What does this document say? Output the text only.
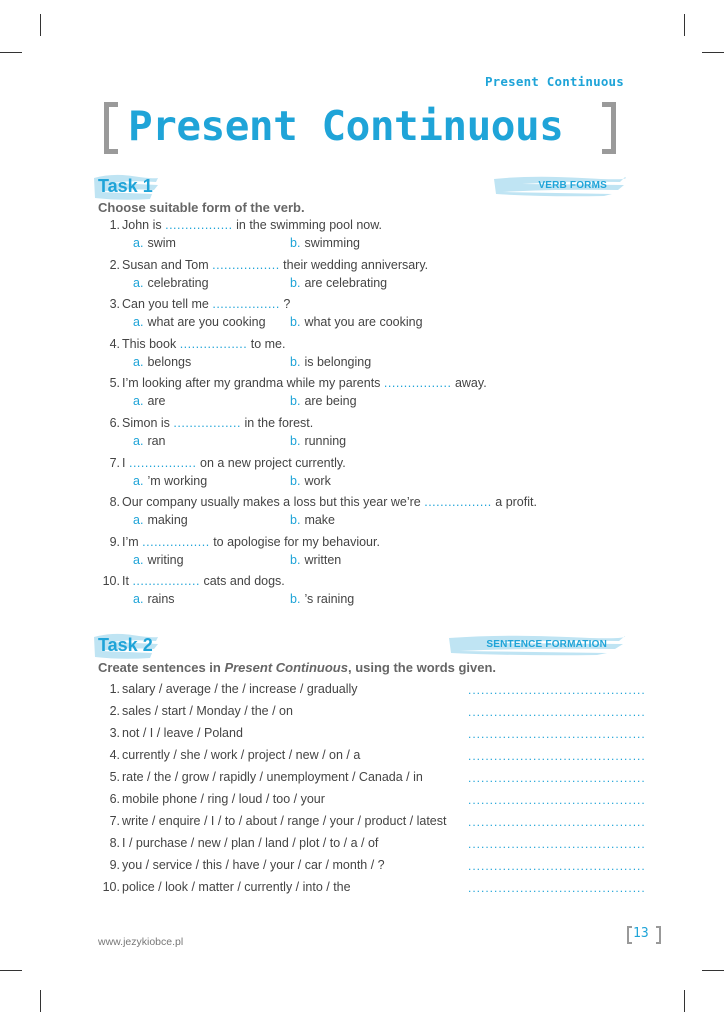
Present Continuous
Present Continuous
Task 1	VERB FORMS
Choose suitable form of the verb.
1. John is ................. in the swimming pool now.
a. swim	b. swimming
2. Susan and Tom ................. their wedding anniversary.
a. celebrating	b. are celebrating
3. Can you tell me ................. ?
a. what are you cooking b. what you are cooking
4. This book ................. to me.
a. belongs	b. is belonging
5. I’m looking after my grandma while my parents ................. away.
a. are	b. are being
6. Simon is ................. in the forest.
a. ran	b. running
7. I ................. on a new project currently.
a. ’m working	b. work
8. Our company usually makes a loss but this year we’re ................. a profit.
a. making	b. make
9. I’m ................. to apologise for my behaviour.
a. writing	b. written
10. It ................. cats and dogs.
a. rains	b. ’s raining
Task 2	SENTENCE FORMATION
Create sentences in Present Continuous, using the words given.
1. salary / average / the / increase / gradually	.........................................
2. sales / start / Monday / the / on	.........................................
3. not / I / leave / Poland	.........................................
4. currently / she / work / project / new / on / a	.........................................
5. rate / the / grow / rapidly / unemployment / Canada / in	.........................................
6. mobile phone / ring / loud / too / your	.........................................
7. write / enquire / I / to / about / range / your / product / latest .........................................
8. I / purchase / new / plan / land / plot / to / a / of	.........................................
9. you / service / this / have / your / car / month / ?	.........................................
10. police / look / matter / currently / into / the	.........................................
www.jezykiobce.pl
13
